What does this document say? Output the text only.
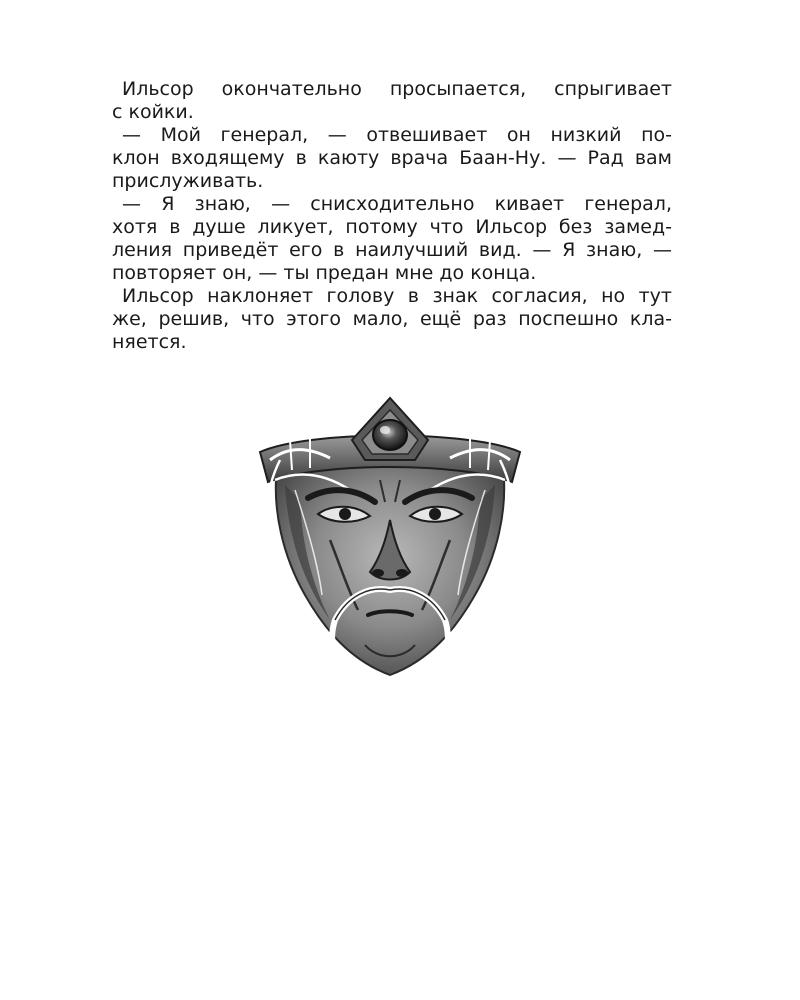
Ильсор окончательно просыпается, спрыгивает
с койки.

— Мой генерал, — отвешивает он низкий по-
клон входящему в каюту врача Баан-Ну. — Рад вам
прислуживать.

— Я знаю, — снисходительно кивает генерал,
хотя в душе ликует, потому что Ильсор без замед-
ления приведёт его в наилучший вид. — Я знаю, —
повторяет он, — ты предан мне до конца.

Ильсор наклоняет голову в знак согласия, но тут
же, решив, что этого мало, ещё раз поспешно кла-
няется.
